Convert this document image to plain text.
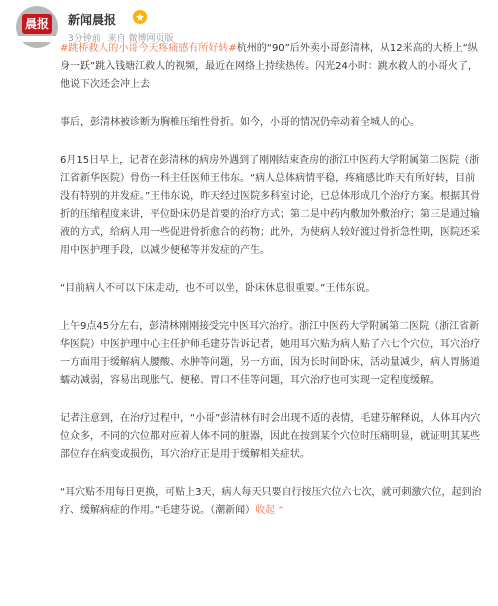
晨报 新闻晨报
3分钟前 来自 微博网页版

#跳桥救人的小哥今天疼痛感有所好转#杭州的“90”后外卖小哥彭清林，从12米高的大桥上“纵身一跃”跳入钱塘江救人的视频，最近在网络上持续热传。闪光24小时：跳水救人的小哥火了，他说下次还会冲上去

事后，彭清林被诊断为胸椎压缩性骨折。如今，小哥的情况仍牵动着全城人的心。

6月15日早上，记者在彭清林的病房外遇到了刚刚结束查房的浙江中医药大学附属第二医院（浙江省新华医院）骨伤一科主任医师王伟东。“病人总体病情平稳，疼痛感比昨天有所好转，目前没有特别的并发症。”王伟东说，昨天经过医院多科室讨论，已总体形成几个治疗方案。根据其骨折的压缩程度来讲，平位卧床仍是首要的治疗方式；第二是中药内敷加外敷治疗；第三是通过输液的方式，给病人用一些促进骨折愈合的药物；此外，为使病人较好渡过骨折急性期，医院还采用中医护理手段，以减少便秘等并发症的产生。

“目前病人不可以下床走动，也不可以坐，卧床休息很重要。”王伟东说。

上午9点45分左右，彭清林刚刚接受完中医耳穴治疗。浙江中医药大学附属第二医院（浙江省新华医院）中医护理中心主任护师毛建芬告诉记者，她用耳穴贴为病人贴了六七个穴位，耳穴治疗一方面用于缓解病人腰酸、水肿等问题，另一方面，因为长时间卧床，活动量减少，病人胃肠道蠕动减弱，容易出现胀气、便秘、胃口不佳等问题，耳穴治疗也可实现一定程度缓解。

记者注意到，在治疗过程中，“小哥”彭清林有时会出现不适的表情，毛建芬解释说，人体耳内穴位众多，不同的穴位都对应着人体不同的脏器，因此在按到某个穴位时压痛明显，就证明其某些部位存在病变或损伤，耳穴治疗正是用于缓解相关症状。

“耳穴贴不用每日更换，可贴上3天，病人每天只要自行按压穴位六七次，就可刺激穴位，起到治疗、缓解病症的作用。”毛建芬说。（潮新闻）收起 ⌃
